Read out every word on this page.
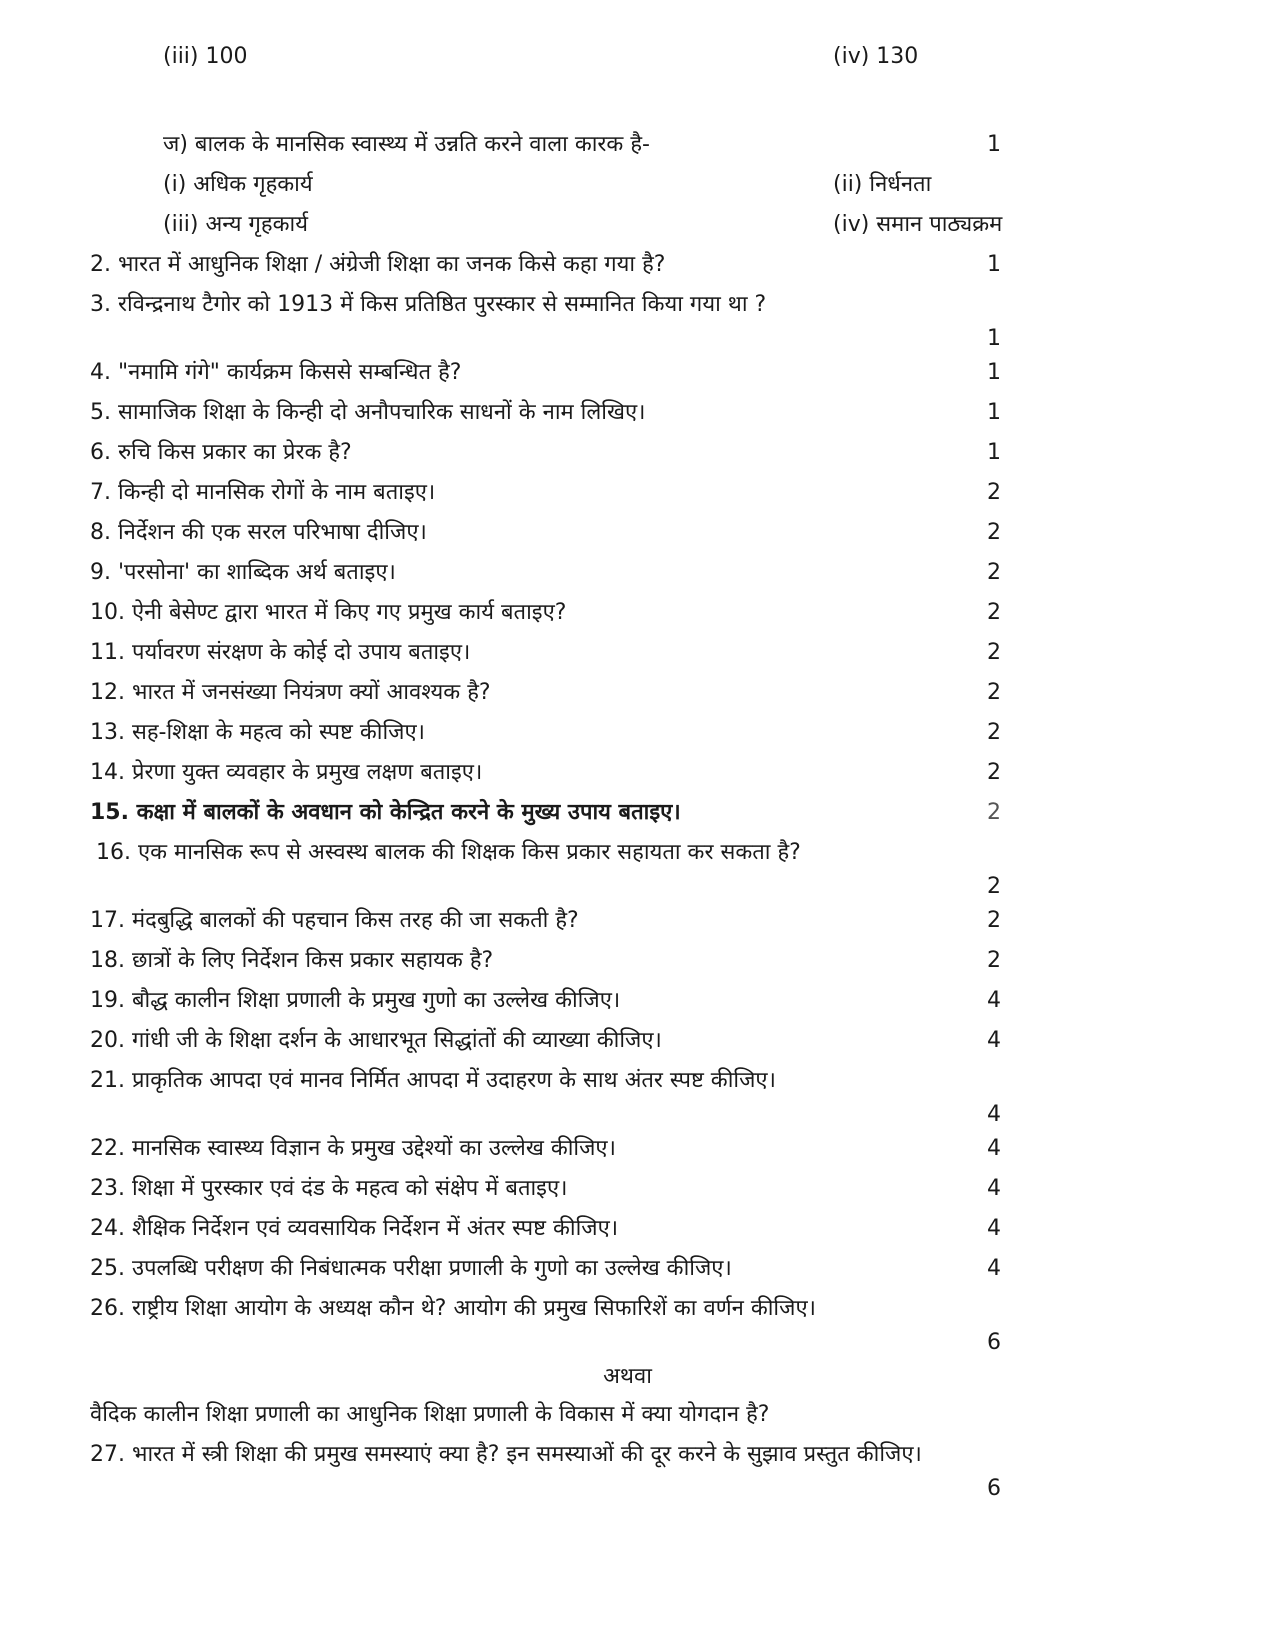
(iii) 100	(iv) 130
ज) बालक के मानसिक स्वास्थ्य में उन्नति करने वाला कारक है-	1
(i) अधिक गृहकार्य	(ii) निर्धनता
(iii) अन्य गृहकार्य	(iv) समान पाठ्यक्रम
2. भारत में आधुनिक शिक्षा / अंग्रेजी शिक्षा का जनक किसे कहा गया है?	1
3. रविन्द्रनाथ टैगोर को 1913 में किस प्रतिष्ठित पुरस्कार से सम्मानित किया गया था ?
1
4. "नमामि गंगे" कार्यक्रम किससे सम्बन्धित है?	1
5. सामाजिक शिक्षा के किन्ही दो अनौपचारिक साधनों के नाम लिखिए।	1
6. रुचि किस प्रकार का प्रेरक है?	1
7. किन्ही दो मानसिक रोगों के नाम बताइए।	2
8. निर्देशन की एक सरल परिभाषा दीजिए।	2
9. 'परसोना' का शाब्दिक अर्थ बताइए।	2
10. ऐनी बेसेण्ट द्वारा भारत में किए गए प्रमुख कार्य बताइए?	2
11. पर्यावरण संरक्षण के कोई दो उपाय बताइए।	2
12. भारत में जनसंख्या नियंत्रण क्यों आवश्यक है?	2
13. सह-शिक्षा के महत्व को स्पष्ट कीजिए।	2
14. प्रेरणा युक्त व्यवहार के प्रमुख लक्षण बताइए।	2
15. कक्षा में बालकों के अवधान को केन्द्रित करने के मुख्य उपाय बताइए।	2
16. एक मानसिक रूप से अस्वस्थ बालक की शिक्षक किस प्रकार सहायता कर सकता है?
2
17. मंदबुद्धि बालकों की पहचान किस तरह की जा सकती है?	2
18. छात्रों के लिए निर्देशन किस प्रकार सहायक है?	2
19. बौद्ध कालीन शिक्षा प्रणाली के प्रमुख गुणो का उल्लेख कीजिए।	4
20. गांधी जी के शिक्षा दर्शन के आधारभूत सिद्धांतों की व्याख्या कीजिए।	4
21. प्राकृतिक आपदा एवं मानव निर्मित आपदा में उदाहरण के साथ अंतर स्पष्ट कीजिए।
4
22. मानसिक स्वास्थ्य विज्ञान के प्रमुख उद्देश्यों का उल्लेख कीजिए।	4
23. शिक्षा में पुरस्कार एवं दंड के महत्व को संक्षेप में बताइए।	4
24. शैक्षिक निर्देशन एवं व्यवसायिक निर्देशन में अंतर स्पष्ट कीजिए।	4
25. उपलब्धि परीक्षण की निबंधात्मक परीक्षा प्रणाली के गुणो का उल्लेख कीजिए।	4
26. राष्ट्रीय शिक्षा आयोग के अध्यक्ष कौन थे? आयोग की प्रमुख सिफारिशें का वर्णन कीजिए।
6
अथवा
वैदिक कालीन शिक्षा प्रणाली का आधुनिक शिक्षा प्रणाली के विकास में क्या योगदान है?
27. भारत में स्त्री शिक्षा की प्रमुख समस्याएं क्या है? इन समस्याओं की दूर करने के सुझाव प्रस्तुत कीजिए।
6
